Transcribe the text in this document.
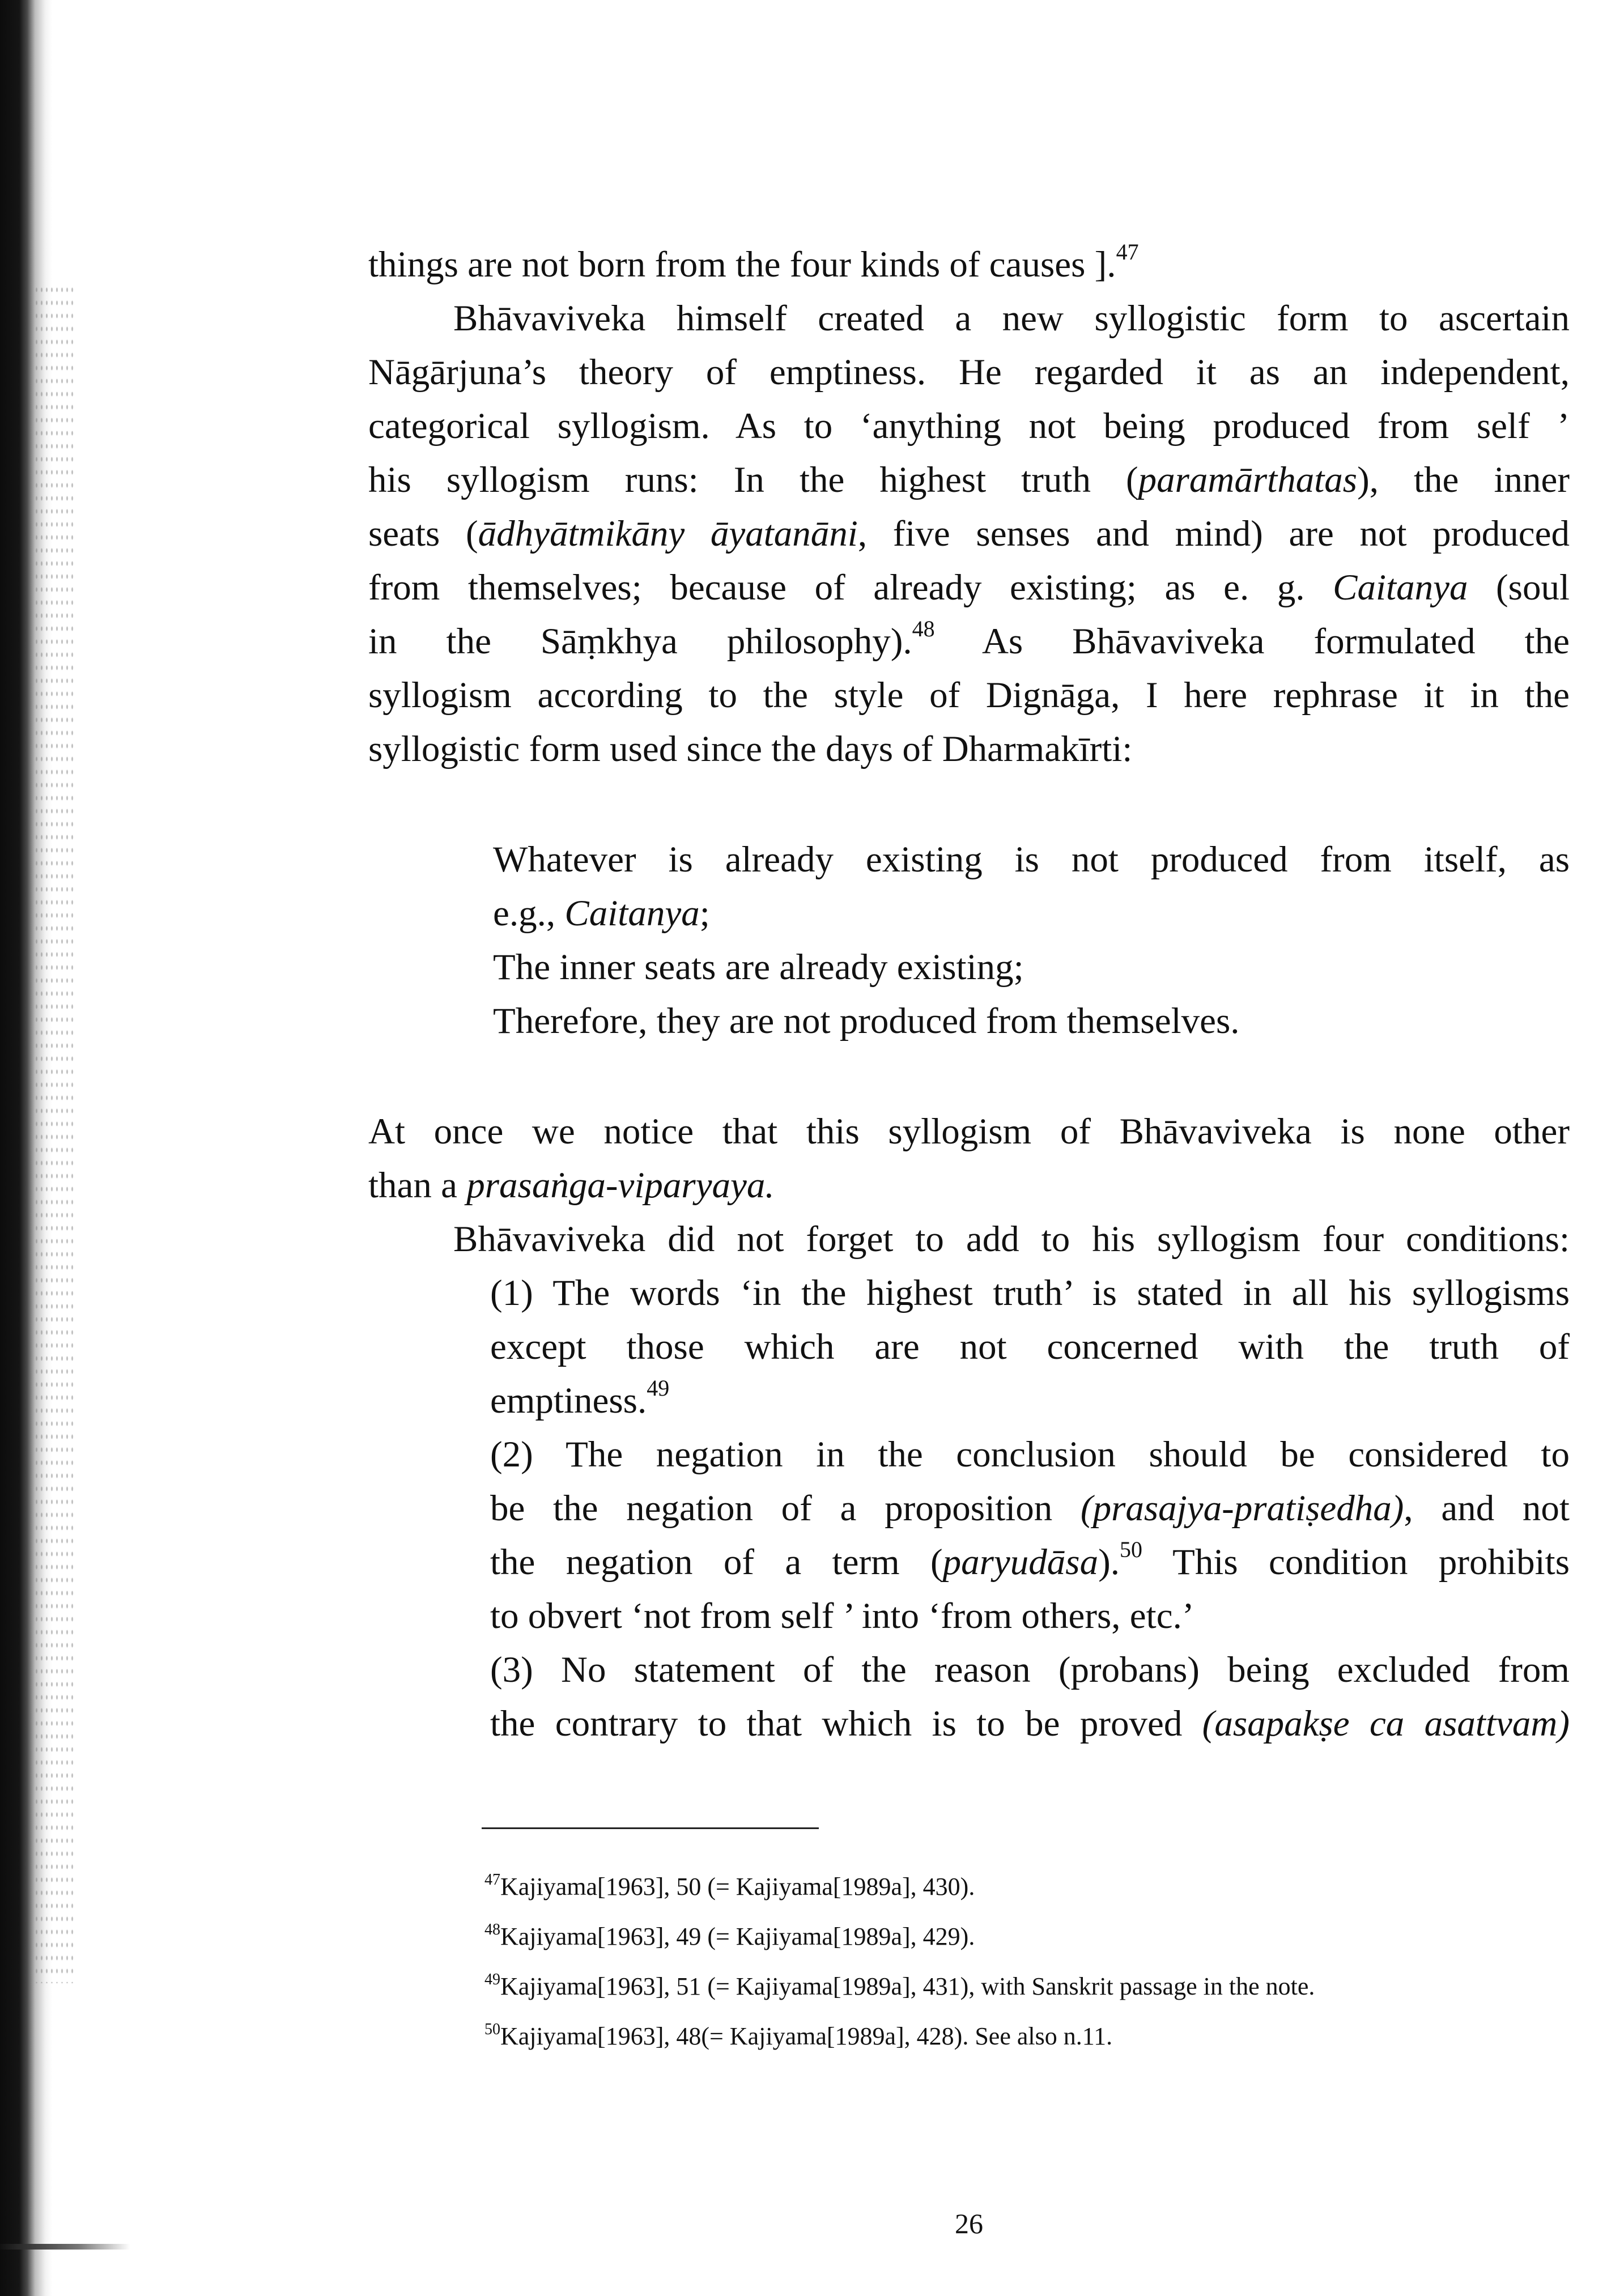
things are not born from the four kinds of causes ].$^{47}$
Bhāvaviveka himself created a new syllogistic form to ascertain
Nāgārjuna’s theory of emptiness. He regarded it as an independent,
categorical syllogism. As to ‘anything not being produced from self ’
his syllogism runs: In the highest truth (paramārthatas), the inner
seats (ādhyātmikāny āyatanāni, five senses and mind) are not produced
from themselves; because of already existing; as e. g. Caitanya (soul
in the Sāṃkhya philosophy).$^{48}$ As Bhāvaviveka formulated the
syllogism according to the style of Dignāga, I here rephrase it in the
syllogistic form used since the days of Dharmakīrti:
Whatever is already existing is not produced from itself, as
e.g., Caitanya;
The inner seats are already existing;
Therefore, they are not produced from themselves.
At once we notice that this syllogism of Bhāvaviveka is none other
than a prasaṅga-viparyaya.
Bhāvaviveka did not forget to add to his syllogism four conditions:
(1) The words ‘in the highest truth’ is stated in all his syllogisms
except those which are not concerned with the truth of
emptiness.$^{49}$
(2) The negation in the conclusion should be considered to
be the negation of a proposition (prasajya-pratiṣedha), and not
the negation of a term (paryudāsa).$^{50}$ This condition prohibits
to obvert ‘not from self ’ into ‘from others, etc.’
(3) No statement of the reason (probans) being excluded from
the contrary to that which is to be proved (asapakṣe ca asattvam)

$^{47}$Kajiyama[1963], 50 (= Kajiyama[1989a], 430).

$^{48}$Kajiyama[1963], 49 (= Kajiyama[1989a], 429).

$^{49}$Kajiyama[1963], 51 (= Kajiyama[1989a], 431), with Sanskrit passage in the note.

$^{50}$Kajiyama[1963], 48(= Kajiyama[1989a], 428). See also n.11.

26
